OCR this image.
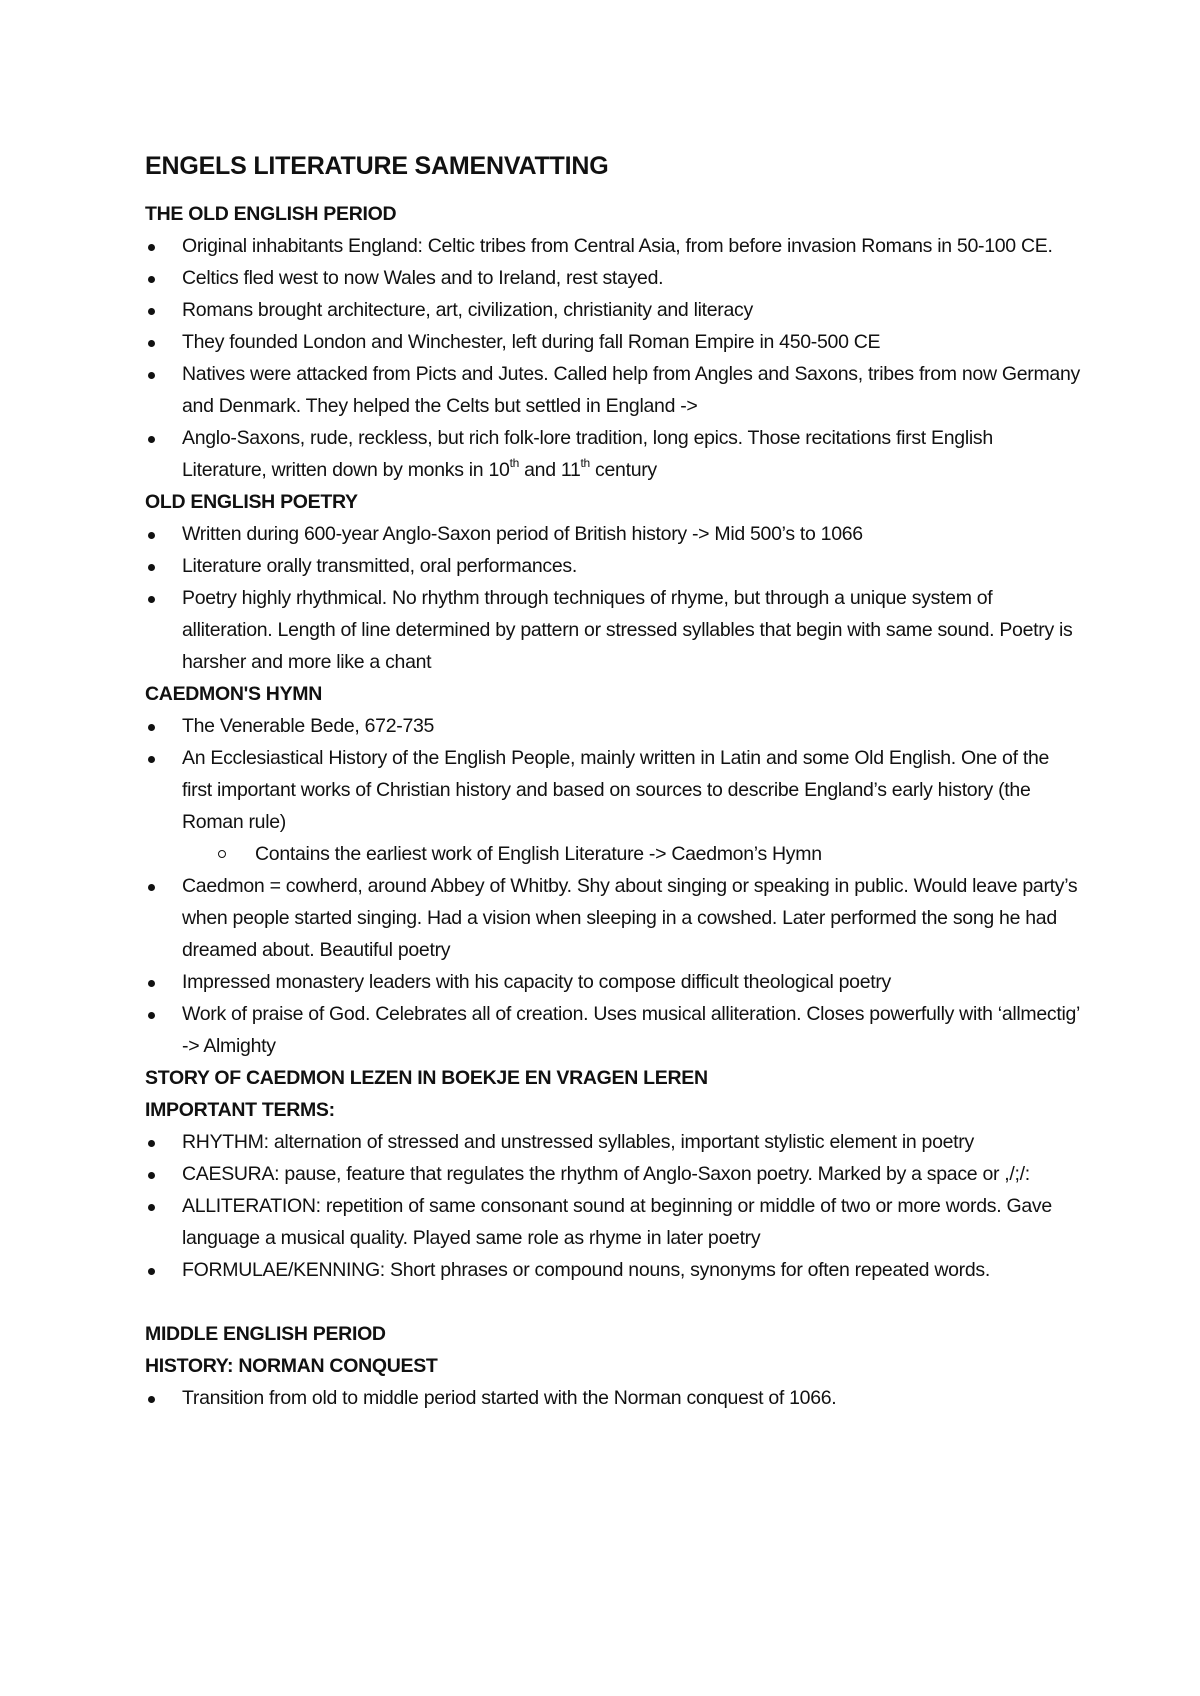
ENGELS LITERATURE SAMENVATTING
THE OLD ENGLISH PERIOD
Original inhabitants England: Celtic tribes from Central Asia, from before invasion Romans in 50-100 CE.
Celtics fled west to now Wales and to Ireland, rest stayed.
Romans brought architecture, art, civilization, christianity and literacy
They founded London and Winchester, left during fall Roman Empire in 450-500 CE
Natives were attacked from Picts and Jutes. Called help from Angles and Saxons, tribes from now Germany and Denmark. They helped the Celts but settled in England ->
Anglo-Saxons, rude, reckless, but rich folk-lore tradition, long epics. Those recitations first English Literature, written down by monks in 10th and 11th century
OLD ENGLISH POETRY
Written during 600-year Anglo-Saxon period of British history -> Mid 500’s to 1066
Literature orally transmitted, oral performances.
Poetry highly rhythmical. No rhythm through techniques of rhyme, but through a unique system of alliteration. Length of line determined by pattern or stressed syllables that begin with same sound. Poetry is harsher and more like a chant
CAEDMON'S HYMN
The Venerable Bede, 672-735
An Ecclesiastical History of the English People, mainly written in Latin and some Old English. One of the first important works of Christian history and based on sources to describe England’s early history (the Roman rule)
Contains the earliest work of English Literature -> Caedmon’s Hymn
Caedmon = cowherd, around Abbey of Whitby. Shy about singing or speaking in public. Would leave party’s when people started singing. Had a vision when sleeping in a cowshed. Later performed the song he had dreamed about. Beautiful poetry
Impressed monastery leaders with his capacity to compose difficult theological poetry
Work of praise of God. Celebrates all of creation. Uses musical alliteration. Closes powerfully with ‘allmectig’ -> Almighty
STORY OF CAEDMON LEZEN IN BOEKJE EN VRAGEN LEREN
IMPORTANT TERMS:
RHYTHM: alternation of stressed and unstressed syllables, important stylistic element in poetry
CAESURA: pause, feature that regulates the rhythm of Anglo-Saxon poetry. Marked by a space or ,/;/:
ALLITERATION: repetition of same consonant sound at beginning or middle of two or more words. Gave language a musical quality. Played same role as rhyme in later poetry
FORMULAE/KENNING: Short phrases or compound nouns, synonyms for often repeated words.
MIDDLE ENGLISH PERIOD
HISTORY: NORMAN CONQUEST
Transition from old to middle period started with the Norman conquest of 1066.
